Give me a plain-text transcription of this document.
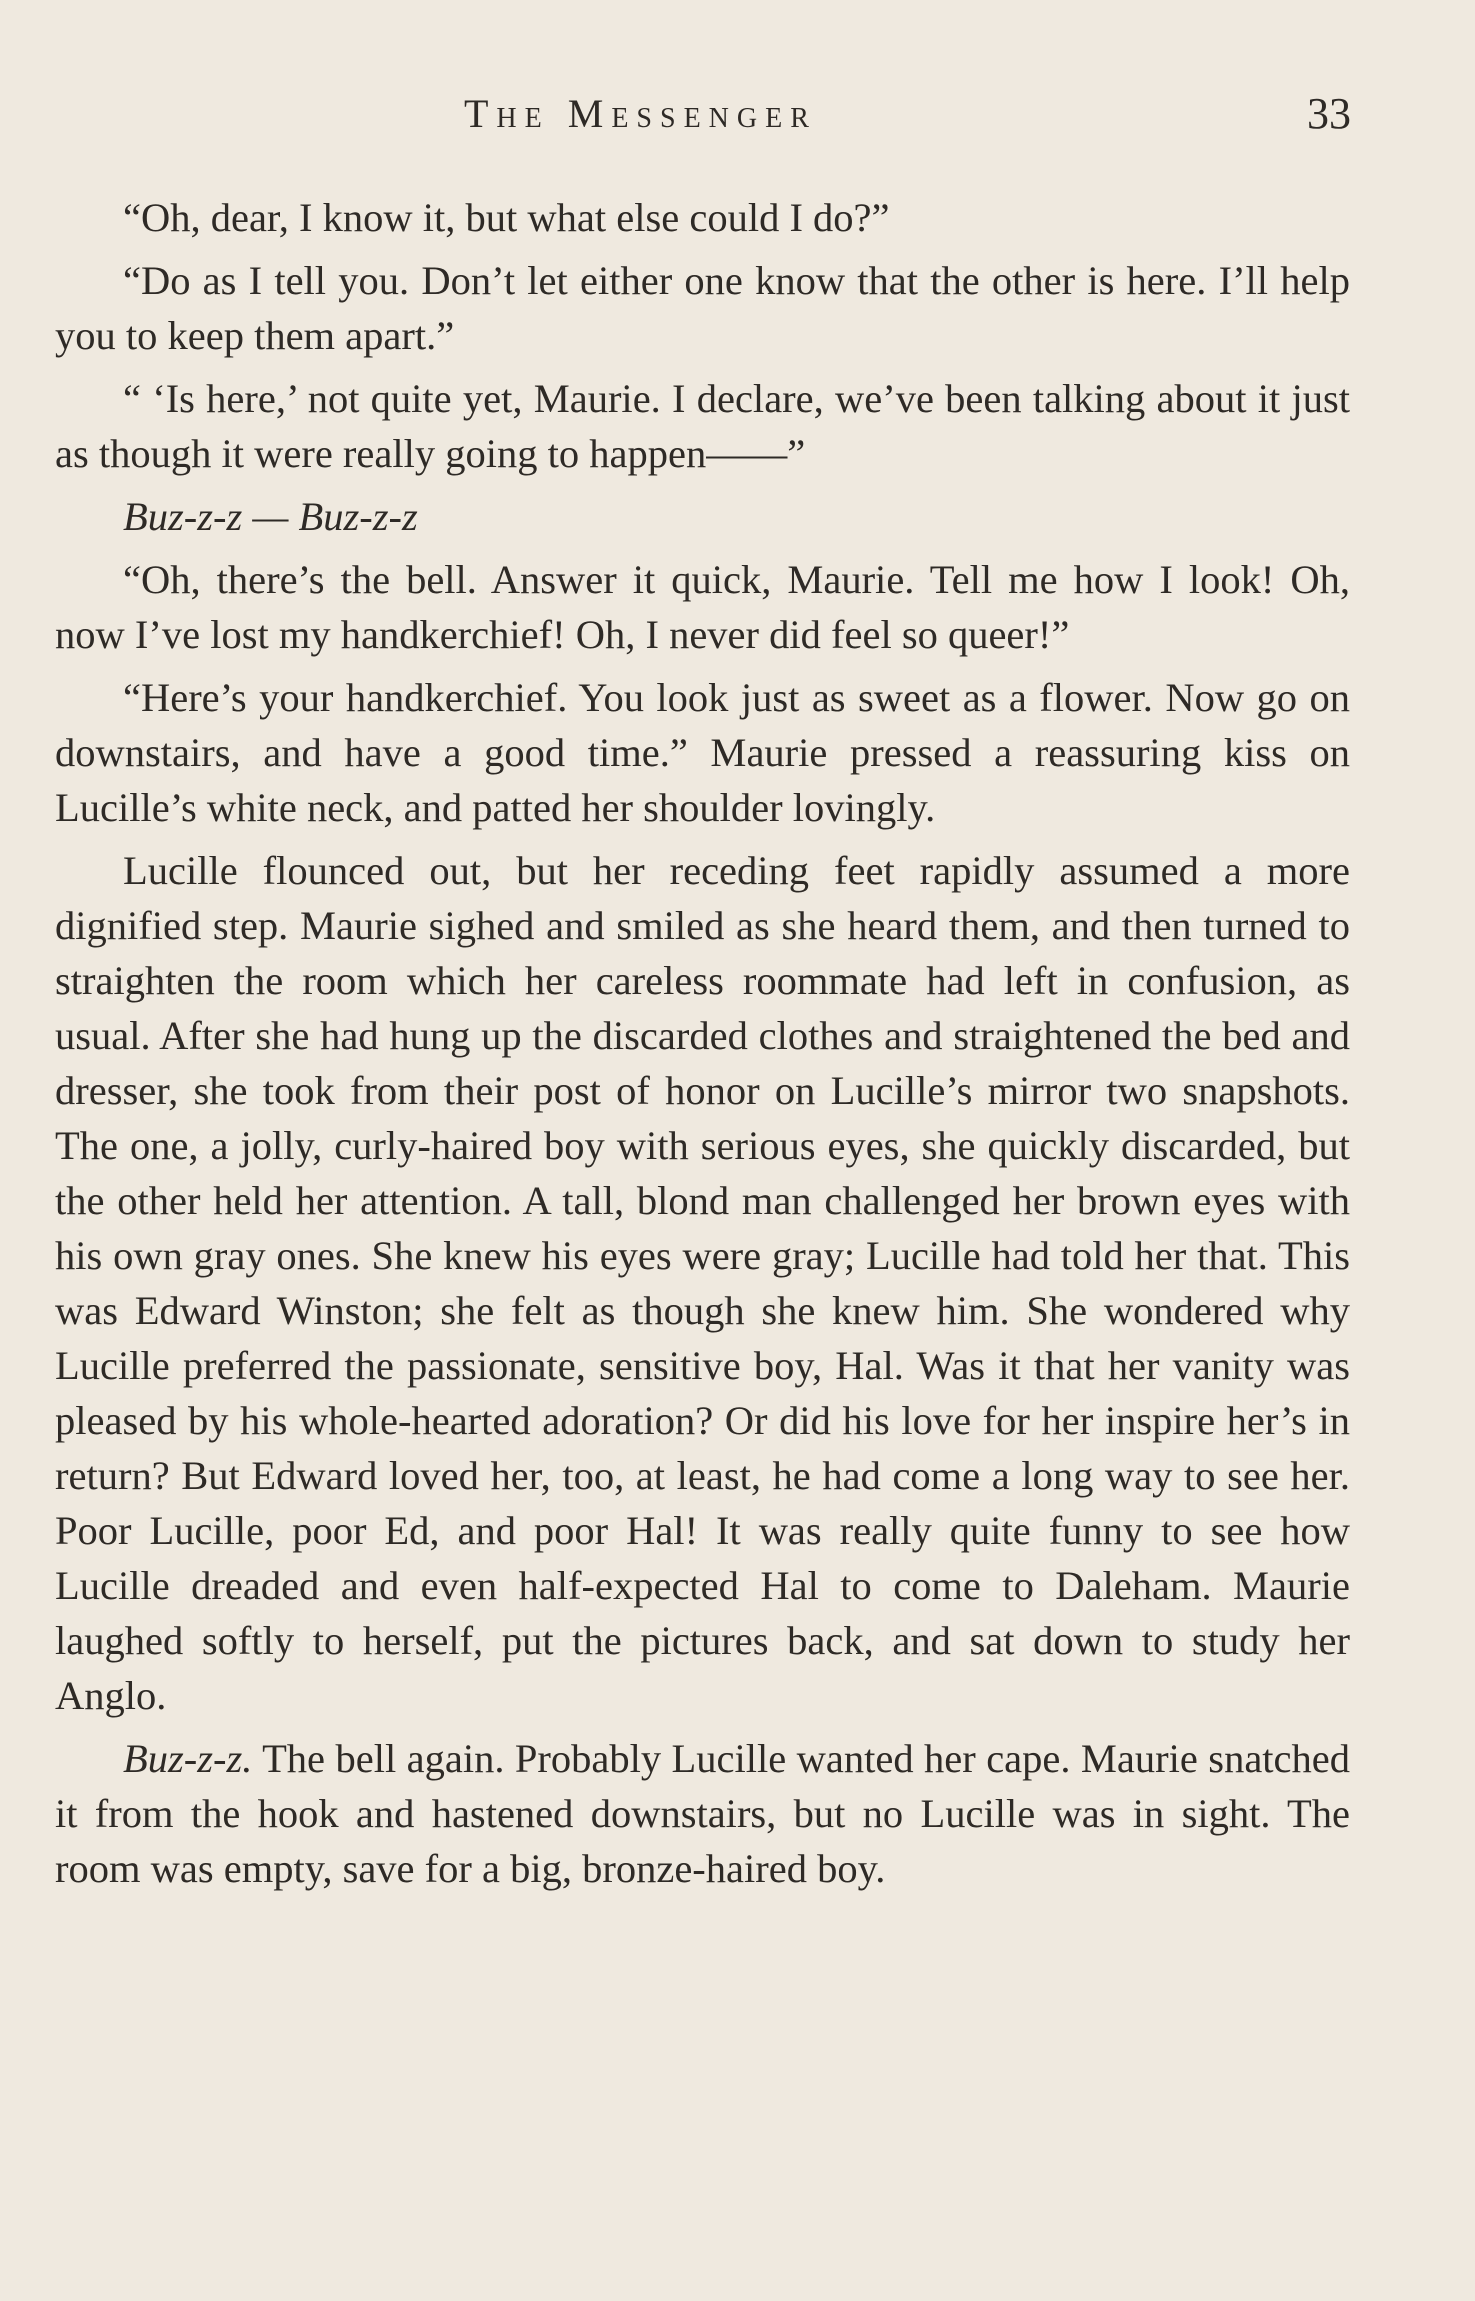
The Messenger	33

“Oh, dear, I know it, but what else could I do?”

“Do as I tell you. Don’t let either one know that the other is here. I’ll help you to keep them apart.”

“ ‘Is here,’ not quite yet, Maurie. I declare, we’ve been talking about it just as though it were really going to happen——”

Buz-z-z — Buz-z-z

“Oh, there’s the bell. Answer it quick, Maurie. Tell me how I look! Oh, now I’ve lost my handkerchief! Oh, I never did feel so queer!”

“Here’s your handkerchief. You look just as sweet as a flower. Now go on downstairs, and have a good time.” Maurie pressed a reassuring kiss on Lucille’s white neck, and patted her shoulder lovingly.

Lucille flounced out, but her receding feet rapidly assumed a more dignified step. Maurie sighed and smiled as she heard them, and then turned to straighten the room which her careless roommate had left in confusion, as usual. After she had hung up the discarded clothes and straightened the bed and dresser, she took from their post of honor on Lucille’s mirror two snapshots. The one, a jolly, curly-haired boy with serious eyes, she quickly discarded, but the other held her attention. A tall, blond man challenged her brown eyes with his own gray ones. She knew his eyes were gray; Lucille had told her that. This was Edward Winston; she felt as though she knew him. She wondered why Lucille preferred the passionate, sensitive boy, Hal. Was it that her vanity was pleased by his whole-hearted adoration? Or did his love for her inspire her’s in return? But Edward loved her, too, at least, he had come a long way to see her. Poor Lucille, poor Ed, and poor Hal! It was really quite funny to see how Lucille dreaded and even half-expected Hal to come to Daleham. Maurie laughed softly to herself, put the pictures back, and sat down to study her Anglo.

Buz-z-z. The bell again. Probably Lucille wanted her cape. Maurie snatched it from the hook and hastened downstairs, but no Lucille was in sight. The room was empty, save for a big, bronze-haired boy.
